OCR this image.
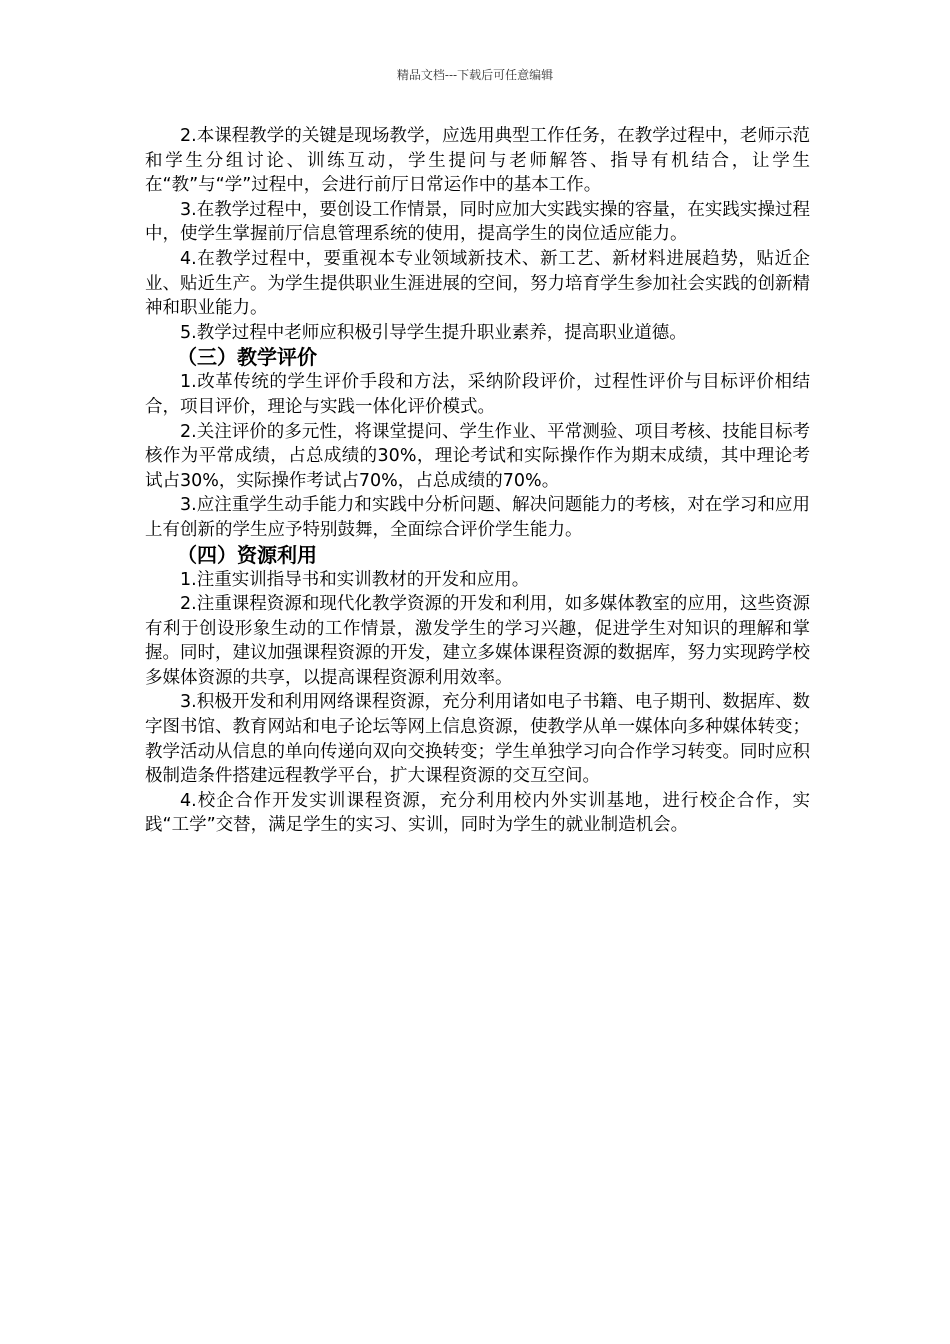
精品文档---下载后可任意编辑

2.本课程教学的关键是现场教学，应选用典型工作任务，在教学过程中，老师示范和学生分组讨论、训练互动，学生提问与老师解答、指导有机结合，让学生在“教”与“学”过程中，会进行前厅日常运作中的基本工作。

3.在教学过程中，要创设工作情景，同时应加大实践实操的容量，在实践实操过程中，使学生掌握前厅信息管理系统的使用，提高学生的岗位适应能力。

4.在教学过程中，要重视本专业领域新技术、新工艺、新材料进展趋势，贴近企业、贴近生产。为学生提供职业生涯进展的空间，努力培育学生参加社会实践的创新精神和职业能力。

5.教学过程中老师应积极引导学生提升职业素养，提高职业道德。

（三）教学评价

1.改革传统的学生评价手段和方法，采纳阶段评价，过程性评价与目标评价相结合，项目评价，理论与实践一体化评价模式。

2.关注评价的多元性，将课堂提问、学生作业、平常测验、项目考核、技能目标考核作为平常成绩，占总成绩的30%，理论考试和实际操作作为期末成绩，其中理论考试占30%，实际操作考试占70%，占总成绩的70%。

3.应注重学生动手能力和实践中分析问题、解决问题能力的考核，对在学习和应用上有创新的学生应予特别鼓舞，全面综合评价学生能力。

（四）资源利用

1.注重实训指导书和实训教材的开发和应用。

2.注重课程资源和现代化教学资源的开发和利用，如多媒体教室的应用，这些资源有利于创设形象生动的工作情景，激发学生的学习兴趣，促进学生对知识的理解和掌握。同时，建议加强课程资源的开发，建立多媒体课程资源的数据库，努力实现跨学校多媒体资源的共享，以提高课程资源利用效率。

3.积极开发和利用网络课程资源，充分利用诸如电子书籍、电子期刊、数据库、数字图书馆、教育网站和电子论坛等网上信息资源，使教学从单一媒体向多种媒体转变；教学活动从信息的单向传递向双向交换转变；学生单独学习向合作学习转变。同时应积极制造条件搭建远程教学平台，扩大课程资源的交互空间。

4.校企合作开发实训课程资源，充分利用校内外实训基地，进行校企合作，实践“工学”交替，满足学生的实习、实训，同时为学生的就业制造机会。
